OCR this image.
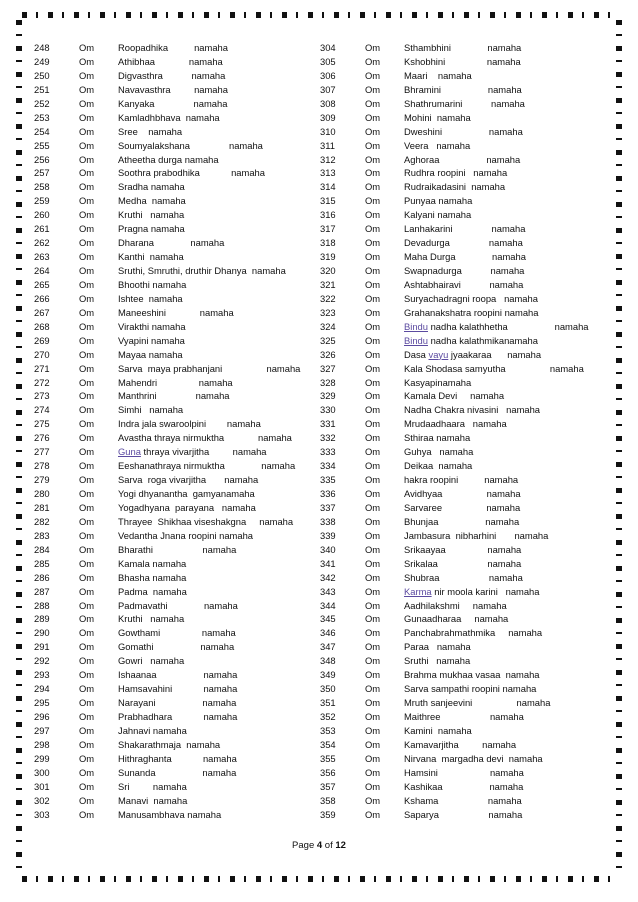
248	Om	Roopadhika          namaha
249	Om	Athibhaa             namaha
250	Om	Digvasthra           namaha
251	Om	Navavasthra         namaha
252	Om	Kanyaka               namaha
253	Om	Kamladhbhava  namaha
254	Om	Sree    namaha
255	Om	Soumyalakshana               namaha
256	Om	Atheetha durga namaha
257	Om	Soothra prabodhika            namaha
258	Om	Sradha namaha
259	Om	Medha  namaha
260	Om	Kruthi   namaha
261	Om	Pragna namaha
262	Om	Dharana              namaha
263	Om	Kanthi  namaha
264	Om	Sruthi, Smruthi, druthir Dhanya  namaha
265	Om	Bhoothi namaha
266	Om	Ishtee  namaha
267	Om	Maneeshini             namaha
268	Om	Virakthi namaha
269	Om	Vyapini namaha
270	Om	Mayaa namaha
271	Om	Sarva  maya prabhanjani                 namaha
272	Om	Mahendri                namaha
273	Om	Manthrini               namaha
274	Om	Simhi   namaha
275	Om	Indra jala swaroolpini        namaha
276	Om	Avastha thraya nirmuktha             namaha
277	Om	Guna thraya vivarjitha         namaha
278	Om	Eeshanathraya nirmuktha              namaha
279	Om	Sarva  roga vivarjitha       namaha
280	Om	Yogi dhyanantha  gamyanamaha
281	Om	Yogadhyana  parayana   namaha
282	Om	Thrayee  Shikhaa viseshakgna     namaha
283	Om	Vedantha Jnana roopini namaha
284	Om	Bharathi                   namaha
285	Om	Kamala namaha
286	Om	Bhasha namaha
287	Om	Padma  namaha
288	Om	Padmavathi              namaha
289	Om	Kruthi   namaha
290	Om	Gowthami                namaha
291	Om	Gomathi                  namaha
292	Om	Gowri   namaha
293	Om	Ishaanaa                  namaha
294	Om	Hamsavahini            namaha
295	Om	Narayani                  namaha
296	Om	Prabhadhara            namaha
297	Om	Jahnavi namaha
298	Om	Shakarathmaja  namaha
299	Om	Hithraghanta            namaha
300	Om	Sunanda                  namaha
301	Om	Sri         namaha
302	Om	Manavi  namaha
303	Om	Manusambhava namaha
304	Om	Sthambhini              namaha
305	Om	Kshobhini                namaha
306	Om	Maari    namaha
307	Om	Bhramini                  namaha
308	Om	Shathrumarini           namaha
309	Om	Mohini  namaha
310	Om	Dweshini                  namaha
311	Om	Veera   namaha
312	Om	Aghoraa                  namaha
313	Om	Rudhra roopini   namaha
314	Om	Rudraikadasini  namaha
315	Om	Punyaa namaha
316	Om	Kalyani namaha
317	Om	Lanhakarini               namaha
318	Om	Devadurga               namaha
319	Om	Maha Durga              namaha
320	Om	Swapnadurga           namaha
321	Om	Ashtabhairavi           namaha
322	Om	Suryachadragni roopa   namaha
323	Om	Grahanakshatra roopini namaha
324	Om	Bindu nadha kalathhetha                  namaha
325	Om	Bindu nadha kalathmikanamaha
326	Om	Dasa vayu jyaakaraa      namaha
327	Om	Kala Shodasa samyutha                 namaha
328	Om	Kasyapinamaha
329	Om	Kamala Devi     namaha
330	Om	Nadha Chakra nivasini   namaha
331	Om	Mrudaadhaara   namaha
332	Om	Sthiraa namaha
333	Om	Guhya   namaha
334	Om	Deikaa  namaha
335	Om	hakra roopini          namaha
336	Om	Avidhyaa                 namaha
337	Om	Sarvaree                 namaha
338	Om	Bhunjaa                  namaha
339	Om	Jambasura  nibharhini       namaha
340	Om	Srikaayaa                namaha
341	Om	Srikalaa                   namaha
342	Om	Shubraa                   namaha
343	Om	Karma nir moola karini   namaha
344	Om	Aadhilakshmi     namaha
345	Om	Gunaadharaa     namaha
346	Om	Panchabrahmathmika     namaha
347	Om	Paraa   namaha
348	Om	Sruthi   namaha
349	Om	Brahma mukhaa vasaa  namaha
350	Om	Sarva sampathi roopini namaha
351	Om	Mruth sanjeevini                 namaha
352	Om	Maithree                   namaha
353	Om	Kamini  namaha
354	Om	Kamavarjitha         namaha
355	Om	Nirvana  margadha devi  namaha
356	Om	Hamsini                    namaha
357	Om	Kashikaa                  namaha
358	Om	Kshama                   namaha
359	Om	Saparya                   namaha
Page 4 of 12
